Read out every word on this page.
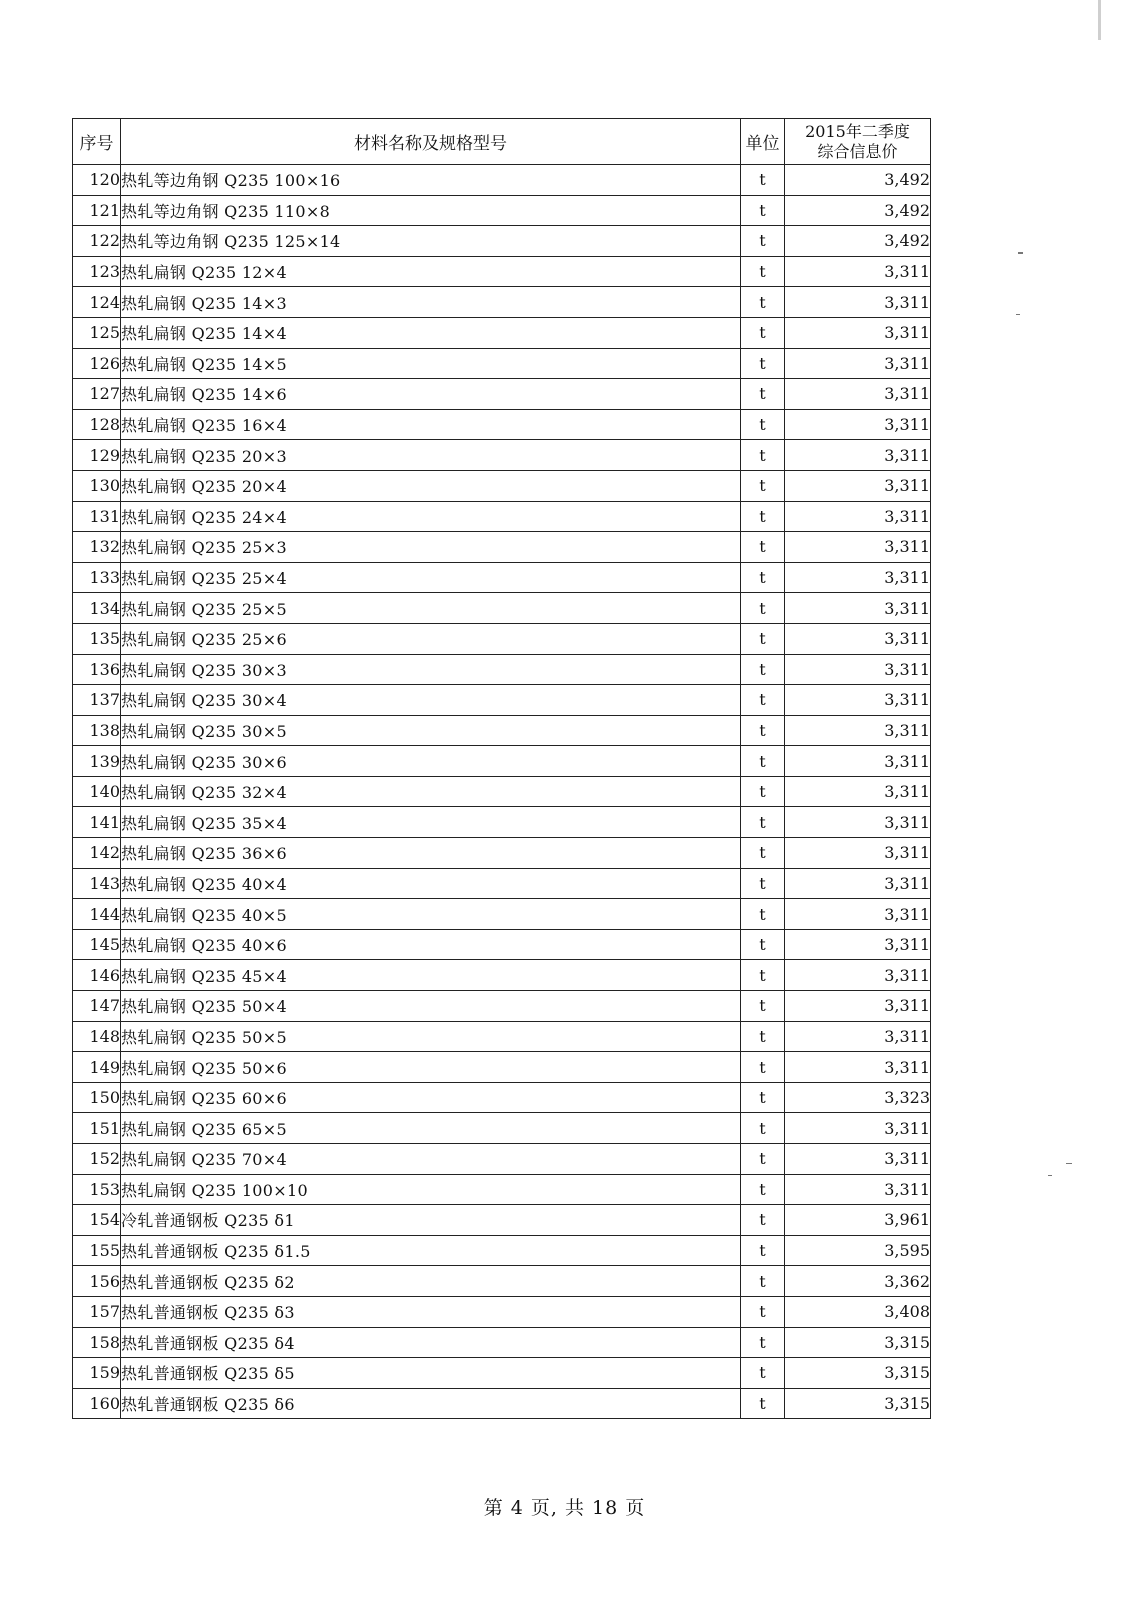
序号	材料名称及规格型号	单位	2015年二季度
综合信息价

120	热轧等边角钢 Q235 100×16	t	3,492
121	热轧等边角钢 Q235 110×8	t	3,492
122	热轧等边角钢 Q235 125×14	t	3,492
123	热轧扁钢 Q235 12×4	t	3,311
124	热轧扁钢 Q235 14×3	t	3,311
125	热轧扁钢 Q235 14×4	t	3,311
126	热轧扁钢 Q235 14×5	t	3,311
127	热轧扁钢 Q235 14×6	t	3,311
128	热轧扁钢 Q235 16×4	t	3,311
129	热轧扁钢 Q235 20×3	t	3,311
130	热轧扁钢 Q235 20×4	t	3,311
131	热轧扁钢 Q235 24×4	t	3,311
132	热轧扁钢 Q235 25×3	t	3,311
133	热轧扁钢 Q235 25×4	t	3,311
134	热轧扁钢 Q235 25×5	t	3,311
135	热轧扁钢 Q235 25×6	t	3,311
136	热轧扁钢 Q235 30×3	t	3,311
137	热轧扁钢 Q235 30×4	t	3,311
138	热轧扁钢 Q235 30×5	t	3,311
139	热轧扁钢 Q235 30×6	t	3,311
140	热轧扁钢 Q235 32×4	t	3,311
141	热轧扁钢 Q235 35×4	t	3,311
142	热轧扁钢 Q235 36×6	t	3,311
143	热轧扁钢 Q235 40×4	t	3,311
144	热轧扁钢 Q235 40×5	t	3,311
145	热轧扁钢 Q235 40×6	t	3,311
146	热轧扁钢 Q235 45×4	t	3,311
147	热轧扁钢 Q235 50×4	t	3,311
148	热轧扁钢 Q235 50×5	t	3,311
149	热轧扁钢 Q235 50×6	t	3,311
150	热轧扁钢 Q235 60×6	t	3,323
151	热轧扁钢 Q235 65×5	t	3,311
152	热轧扁钢 Q235 70×4	t	3,311
153	热轧扁钢 Q235 100×10	t	3,311
154	冷轧普通钢板 Q235 δ1	t	3,961
155	热轧普通钢板 Q235 δ1.5	t	3,595
156	热轧普通钢板 Q235 δ2	t	3,362
157	热轧普通钢板 Q235 δ3	t	3,408
158	热轧普通钢板 Q235 δ4	t	3,315
159	热轧普通钢板 Q235 δ5	t	3,315
160	热轧普通钢板 Q235 δ6	t	3,315
第 4 页, 共 18 页
